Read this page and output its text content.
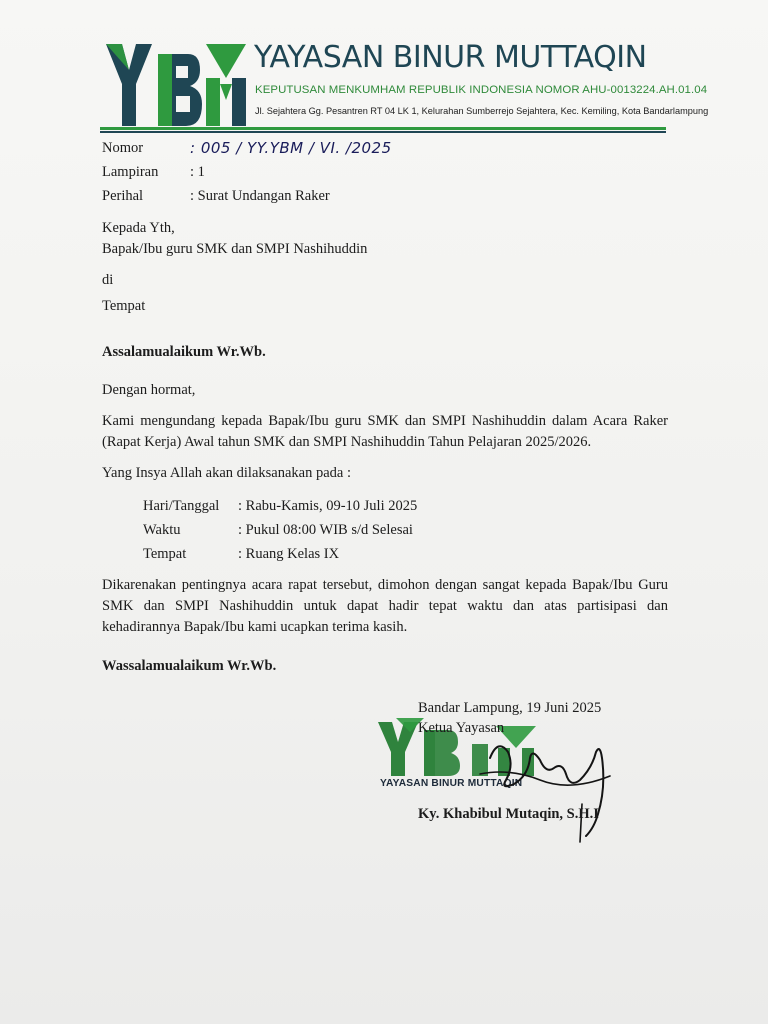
YAYASAN BINUR MUTTAQIN
KEPUTUSAN MENKUMHAM REPUBLIK INDONESIA NOMOR AHU-0013224.AH.01.04
Jl. Sejahtera Gg. Pesantren RT 04 LK 1, Kelurahan Sumberrejo Sejahtera, Kec. Kemiling, Kota Bandarlampung
Nomor	: 005 / YY.YBM / VI. /2025
Lampiran	: 1
Perihal	: Surat Undangan Raker
Kepada Yth,
Bapak/Ibu guru SMK dan SMPI Nashihuddin
di
Tempat
Assalamualaikum Wr.Wb.
Dengan hormat,
Kami mengundang kepada Bapak/Ibu guru SMK dan SMPI Nashihuddin dalam Acara Raker (Rapat Kerja) Awal tahun SMK dan SMPI Nashihuddin Tahun Pelajaran 2025/2026.
Yang Insya Allah akan dilaksanakan pada :
Hari/Tanggal	: Rabu-Kamis, 09-10 Juli 2025
Waktu	: Pukul 08:00 WIB s/d Selesai
Tempat	: Ruang Kelas IX
Dikarenakan pentingnya acara rapat tersebut, dimohon dengan sangat kepada Bapak/Ibu Guru SMK dan SMPI Nashihuddin untuk dapat hadir tepat waktu dan atas partisipasi dan kehadirannya Bapak/Ibu kami ucapkan terima kasih.
Wassalamualaikum Wr.Wb.
YAYASAN BINUR MUTTAQIN
Bandar Lampung, 19 Juni 2025
Ketua Yayasan
Ky. Khabibul Mutaqin, S.H.I
